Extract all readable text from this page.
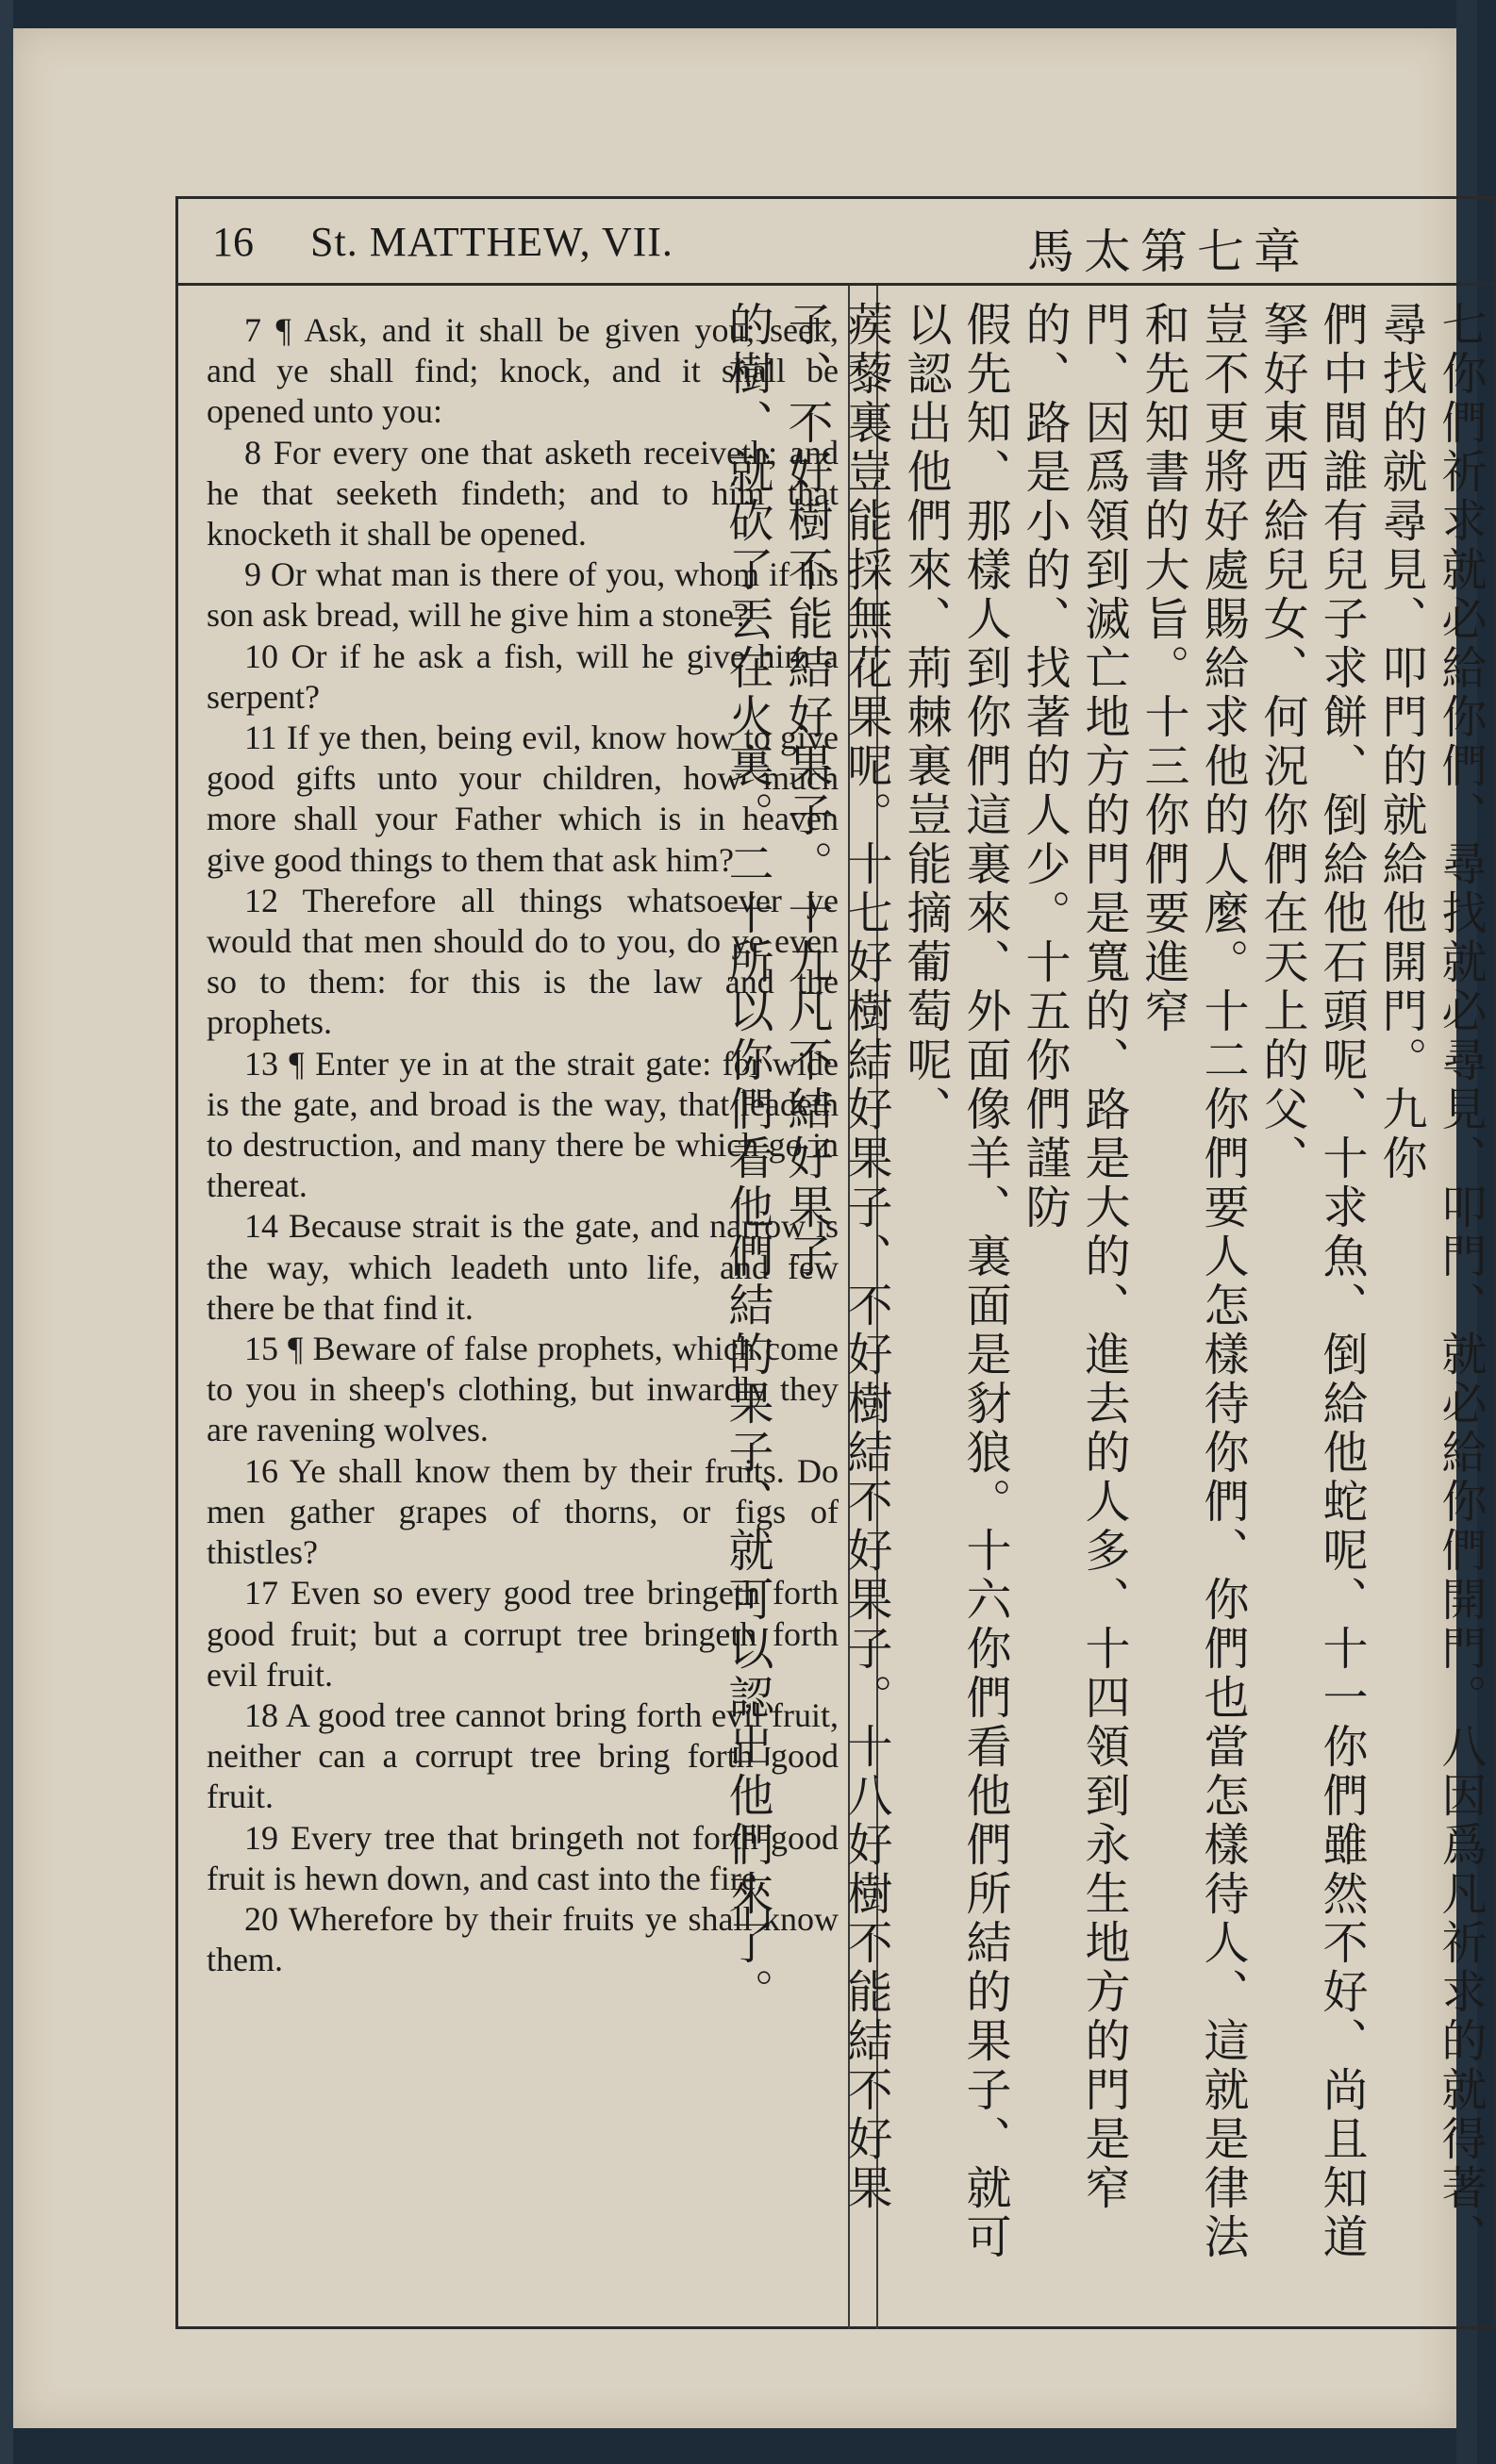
16 St. MATTHEW, VII.	馬太第七章

7 ¶ Ask, and it shall be given you; seek, and ye shall find; knock, and it shall be opened unto you:

8 For every one that asketh receiveth; and he that seeketh findeth; and to him that knocketh it shall be opened.

9 Or what man is there of you, whom if his son ask bread, will he give him a stone?

10 Or if he ask a fish, will he give him a serpent?

11 If ye then, being evil, know how to give good gifts unto your children, how much more shall your Father which is in heaven give good things to them that ask him?

12 Therefore all things whatsoever ye would that men should do to you, do ye even so to them: for this is the law and the prophets.

13 ¶ Enter ye in at the strait gate: for wide is the gate, and broad is the way, that leadeth to destruction, and many there be which go in thereat.

14 Because strait is the gate, and narrow is the way, which leadeth unto life, and few there be that find it.

15 ¶ Beware of false prophets, which come to you in sheep's clothing, but inwardly they are ravening wolves.

16 Ye shall know them by their fruits. Do men gather grapes of thorns, or figs of thistles?

17 Even so every good tree bringeth forth good fruit; but a corrupt tree bringeth forth evil fruit.

18 A good tree cannot bring forth evil fruit, neither can a corrupt tree bring forth good fruit.

19 Every tree that bringeth not forth good fruit is hewn down, and cast into the fire.

20 Wherefore by their fruits ye shall know them.	七你們祈求就必給你們、尋找就必尋見、叩門、就必給你們開門。八因爲凡祈求的就得著、尋找的就尋見、叩門的就給他開門。九你
們中間誰有兒子求餅、倒給他石頭呢、十求魚、倒給他蛇呢、十一你們雖然不好、尚且知道拏好東西給兒女、何況你們在天上的父、
豈不更將好處賜給求他的人麼。十二你們要人怎樣待你們、你們也當怎樣待人、這就是律法和先知書的大旨。十三你們要進窄
門、因爲領到滅亡地方的門是寬的、路是大的、進去的人多、十四領到永生地方的門是窄的、路是小的、找著的人少。十五你們謹防
假先知、那樣人到你們這裏來、外面像羊、裏面是豺狼。十六你們看他們所結的果子、就可以認出他們來、荊棘裏豈能摘葡萄呢、
蒺藜裏豈能採無花果呢。十七好樹結好果子、不好樹結不好果子。十八好樹不能結不好果子、不好樹不能結好果子。十九凡不結好果子
的樹、就砍了丟在火裏。二十所以你們看他們結的果子、就可以認出他們來了。
